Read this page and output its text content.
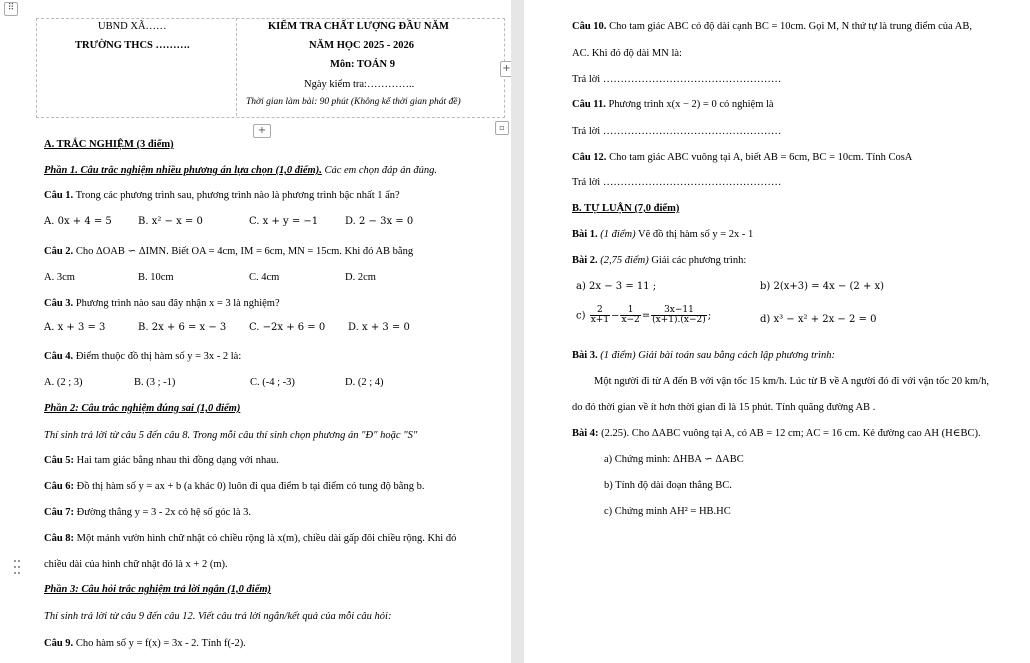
⠿
UBND XÃ……
TRƯỜNG THCS ……….
KIỂM TRA CHẤT LƯỢNG ĐẦU NĂM
NĂM HỌC 2025 - 2026
Môn: TOÁN 9
Ngày kiểm tra:…………..
Thời gian làm bài: 90 phút (Không kể thời gian phát đề)
+
+	▫
A. TRẮC NGHIỆM (3 điểm)
Phần 1. Câu trắc nghiệm nhiều phương án lựa chọn (1,0 điểm). Các em chọn đáp án đúng.
Câu 1. Trong các phương trình sau, phương trình nào là phương trình bậc nhất 1 ẩn?
A. 0x + 4 = 5	B. x² − x = 0	C. x + y = −1	D. 2 − 3x = 0
Câu 2. Cho ΔOAB ∽ ΔIMN. Biết OA = 4cm, IM = 6cm, MN = 15cm. Khi đó AB bằng
A. 3cm	B. 10cm	C. 4cm	D. 2cm
Câu 3. Phương trình nào sau đây nhận x = 3 là nghiệm?
A. x + 3 = 3	B. 2x + 6 = x − 3 C. −2x + 6 = 0 D. x + 3 = 0
Câu 4. Điểm thuộc đồ thị hàm số y = 3x - 2 là:
A. (2 ; 3)	B. (3 ; -1)	C. (-4 ; -3)	D. (2 ; 4)
Phần 2: Câu trắc nghiệm đúng sai (1,0 điểm)
Thí sinh trả lời từ câu 5 đến câu 8. Trong mỗi câu thí sinh chọn phương án "Đ" hoặc "S"
Câu 5: Hai tam giác bằng nhau thì đồng dạng với nhau.
Câu 6: Đồ thị hàm số y = ax + b (a khác 0) luôn đi qua điểm b tại điểm có tung độ bằng b.
Câu 7: Đường thẳng y = 3 - 2x có hệ số góc là 3.
Câu 8: Một mảnh vườn hình chữ nhật có chiều rộng là x(m), chiều dài gấp đôi chiều rộng. Khi đó
chiều dài của hình chữ nhật đó là x + 2 (m).
Phần 3: Câu hỏi trắc nghiệm trả lời ngắn (1,0 điểm)
Thí sinh trả lời từ câu 9 đến câu 12. Viết câu trả lời ngắn/kết quả của mỗi câu hỏi:
Câu 9. Cho hàm số y = f(x) = 3x - 2. Tính f(-2).
Câu 10. Cho tam giác ABC có độ dài cạnh BC = 10cm. Gọi M, N thứ tự là trung điểm của AB,
AC. Khi đó độ dài MN là:
Trả lời ……………………………………………
Câu 11. Phương trình x(x − 2) = 0 có nghiệm là
Trả lời ……………………………………………
Câu 12. Cho tam giác ABC vuông tại A, biết AB = 6cm, BC = 10cm. Tính CosA
Trả lời ……………………………………………
B. TỰ LUẬN (7,0 điểm)
Bài 1. (1 điểm) Vẽ đồ thị hàm số y = 2x - 1
Bài 2. (2,75 điểm) Giải các phương trình:
a) 2x − 3 = 11 ;	b) 2(x+3) = 4x − (2 + x)
$c) \frac{2}{x+1} - \frac{1}{x-2} = \frac{3x-11}{(x+1).(x-2)}$ ;	d) x³ − x² + 2x − 2 = 0
Bài 3. (1 điểm) Giải bài toán sau bằng cách lập phương trình:
Một người đi từ A đến B với vận tốc 15 km/h. Lúc từ B về A người đó đi với vận tốc 20 km/h,
do đó thời gian về ít hơn thời gian đi là 15 phút. Tính quãng đường AB .
Bài 4: (2.25). Cho ΔABC vuông tại A, có AB = 12 cm; AC = 16 cm. Kẻ đường cao AH (H∈BC).
a) Chứng minh: ΔHBA ∽ ΔABC
b) Tính độ dài đoạn thẳng BC.
c) Chứng minh AH² = HB.HC
